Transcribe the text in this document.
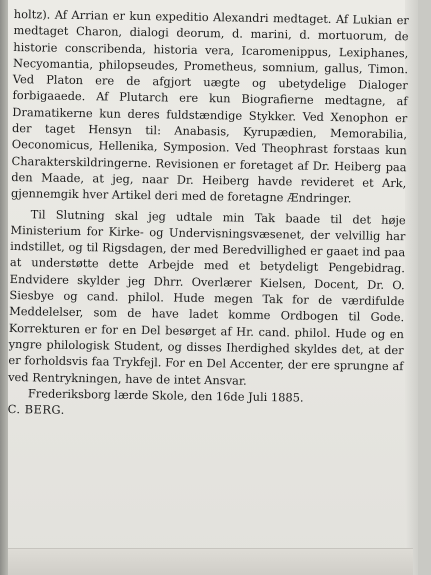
holtz). Af Arrian er kun expeditio Alexandri medtaget. Af Lukian er medtaget Charon, dialogi deorum, d. marini, d. mortuorum, de historie conscribenda, historia vera, Icaromenippus, Lexiphanes, Necyomantia, philopseudes, Prometheus, somnium, gallus, Timon. Ved Platon ere de afgjort uægte og ubetydelige Dialoger forbigaaede. Af Plutarch ere kun Biografierne medtagne, af Dramatikerne kun deres fuldstændige Stykker. Ved Xenophon er der taget Hensyn til: Anabasis, Kyrupædien, Memorabilia, Oeconomicus, Hellenika, Symposion. Ved Theophrast forstaas kun Charakterskildringerne. Revisionen er foretaget af Dr. Heiberg paa den Maade, at jeg, naar Dr. Heiberg havde revideret et Ark, gjennemgik hver Artikel deri med de foretagne Ændringer.

Til Slutning skal jeg udtale min Tak baade til det høje Ministerium for Kirke- og Undervisningsvæsenet, der velvillig har indstillet, og til Rigsdagen, der med Beredvillighed er gaaet ind paa at understøtte dette Arbejde med et betydeligt Pengebidrag. Endvidere skylder jeg Dhrr. Overlærer Kielsen, Docent, Dr. O. Siesbye og cand. philol. Hude megen Tak for de værdifulde Meddelelser, som de have ladet komme Ordbogen til Gode. Korrekturen er for en Del besørget af Hr. cand. philol. Hude og en yngre philologisk Student, og disses Iherdighed skyldes det, at der er forholdsvis faa Trykfejl. For en Del Accenter, der ere sprungne af ved Rentrykningen, have de intet Ansvar.

Frederiksborg lærde Skole, den 16de Juli 1885.

C. BERG.
